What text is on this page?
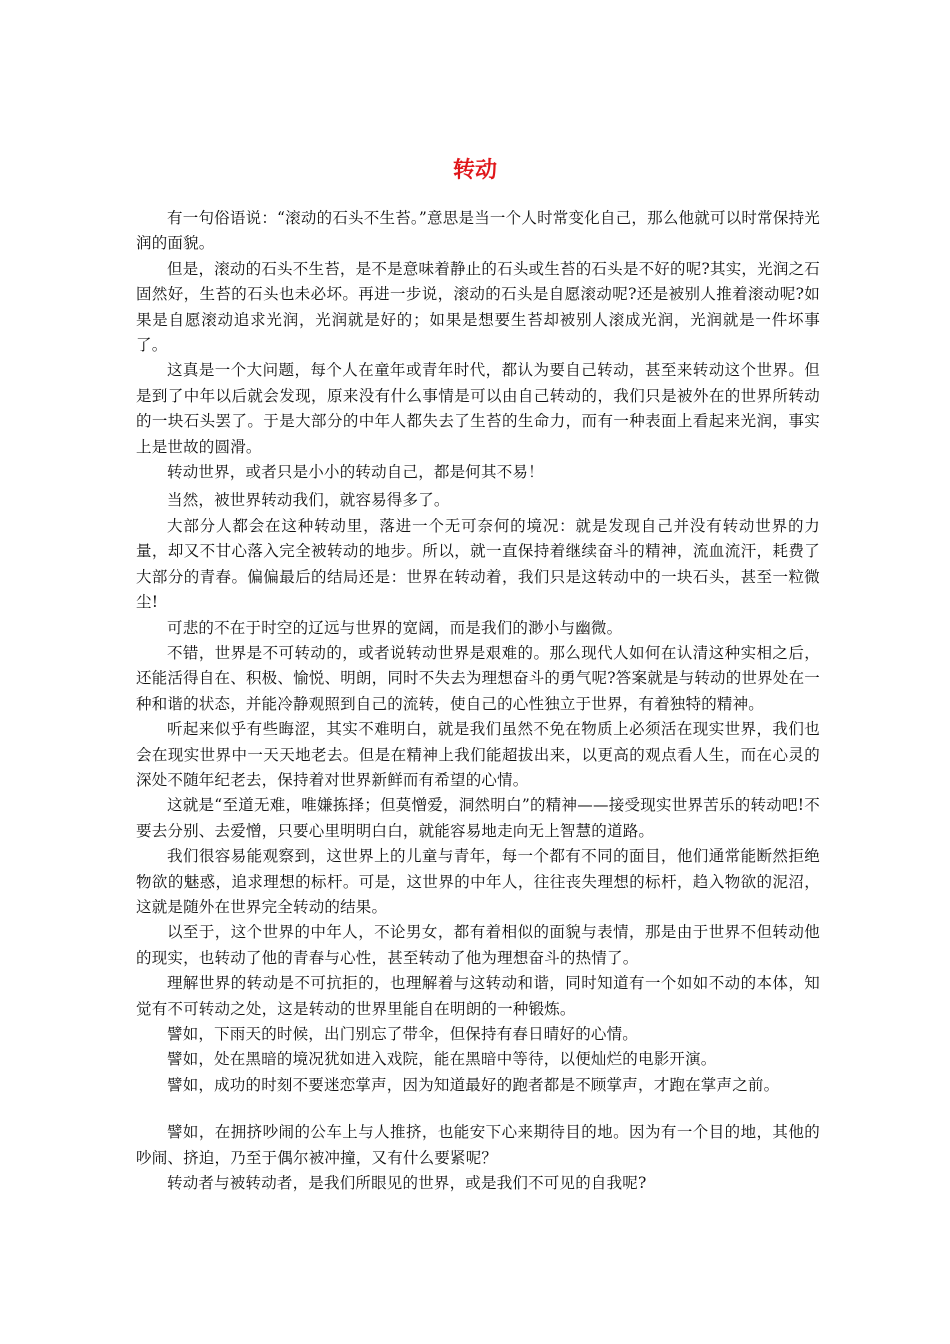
转动

有一句俗语说：“滚动的石头不生苔。”意思是当一个人时常变化自己，那么他就可以时常保持光润的面貌。

但是，滚动的石头不生苔，是不是意味着静止的石头或生苔的石头是不好的呢?其实，光润之石固然好，生苔的石头也未必坏。再进一步说，滚动的石头是自愿滚动呢?还是被别人推着滚动呢?如果是自愿滚动追求光润，光润就是好的；如果是想要生苔却被别人滚成光润，光润就是一件坏事了。

这真是一个大问题，每个人在童年或青年时代，都认为要自己转动，甚至来转动这个世界。但是到了中年以后就会发现，原来没有什么事情是可以由自己转动的，我们只是被外在的世界所转动的一块石头罢了。于是大部分的中年人都失去了生苔的生命力，而有一种表面上看起来光润，事实上是世故的圆滑。

转动世界，或者只是小小的转动自己，都是何其不易！

当然，被世界转动我们，就容易得多了。

大部分人都会在这种转动里，落进一个无可奈何的境况：就是发现自己并没有转动世界的力量，却又不甘心落入完全被转动的地步。所以，就一直保持着继续奋斗的精神，流血流汗，耗费了大部分的青春。偏偏最后的结局还是：世界在转动着，我们只是这转动中的一块石头，甚至一粒微尘!

可悲的不在于时空的辽远与世界的宽阔，而是我们的渺小与幽微。

不错，世界是不可转动的，或者说转动世界是艰难的。那么现代人如何在认清这种实相之后，还能活得自在、积极、愉悦、明朗，同时不失去为理想奋斗的勇气呢?答案就是与转动的世界处在一种和谐的状态，并能冷静观照到自己的流转，使自己的心性独立于世界，有着独特的精神。

听起来似乎有些晦涩，其实不难明白，就是我们虽然不免在物质上必须活在现实世界，我们也会在现实世界中一天天地老去。但是在精神上我们能超拔出来，以更高的观点看人生，而在心灵的深处不随年纪老去，保持着对世界新鲜而有希望的心情。

这就是“至道无难，唯嫌拣择；但莫憎爱，洞然明白”的精神——接受现实世界苦乐的转动吧!不要去分别、去爱憎，只要心里明明白白，就能容易地走向无上智慧的道路。

我们很容易能观察到，这世界上的儿童与青年，每一个都有不同的面目，他们通常能断然拒绝物欲的魅惑，追求理想的标杆。可是，这世界的中年人，往往丧失理想的标杆，趋入物欲的泥沼，这就是随外在世界完全转动的结果。

以至于，这个世界的中年人，不论男女，都有着相似的面貌与表情，那是由于世界不但转动他的现实，也转动了他的青春与心性，甚至转动了他为理想奋斗的热情了。

理解世界的转动是不可抗拒的，也理解着与这转动和谐，同时知道有一个如如不动的本体，知觉有不可转动之处，这是转动的世界里能自在明朗的一种锻炼。

譬如，下雨天的时候，出门别忘了带伞，但保持有春日晴好的心情。

譬如，处在黑暗的境况犹如进入戏院，能在黑暗中等待，以便灿烂的电影开演。

譬如，成功的时刻不要迷恋掌声，因为知道最好的跑者都是不顾掌声，才跑在掌声之前。

譬如，在拥挤吵闹的公车上与人推挤，也能安下心来期待目的地。因为有一个目的地，其他的吵闹、挤迫，乃至于偶尔被冲撞，又有什么要紧呢？

转动者与被转动者，是我们所眼见的世界，或是我们不可见的自我呢?
